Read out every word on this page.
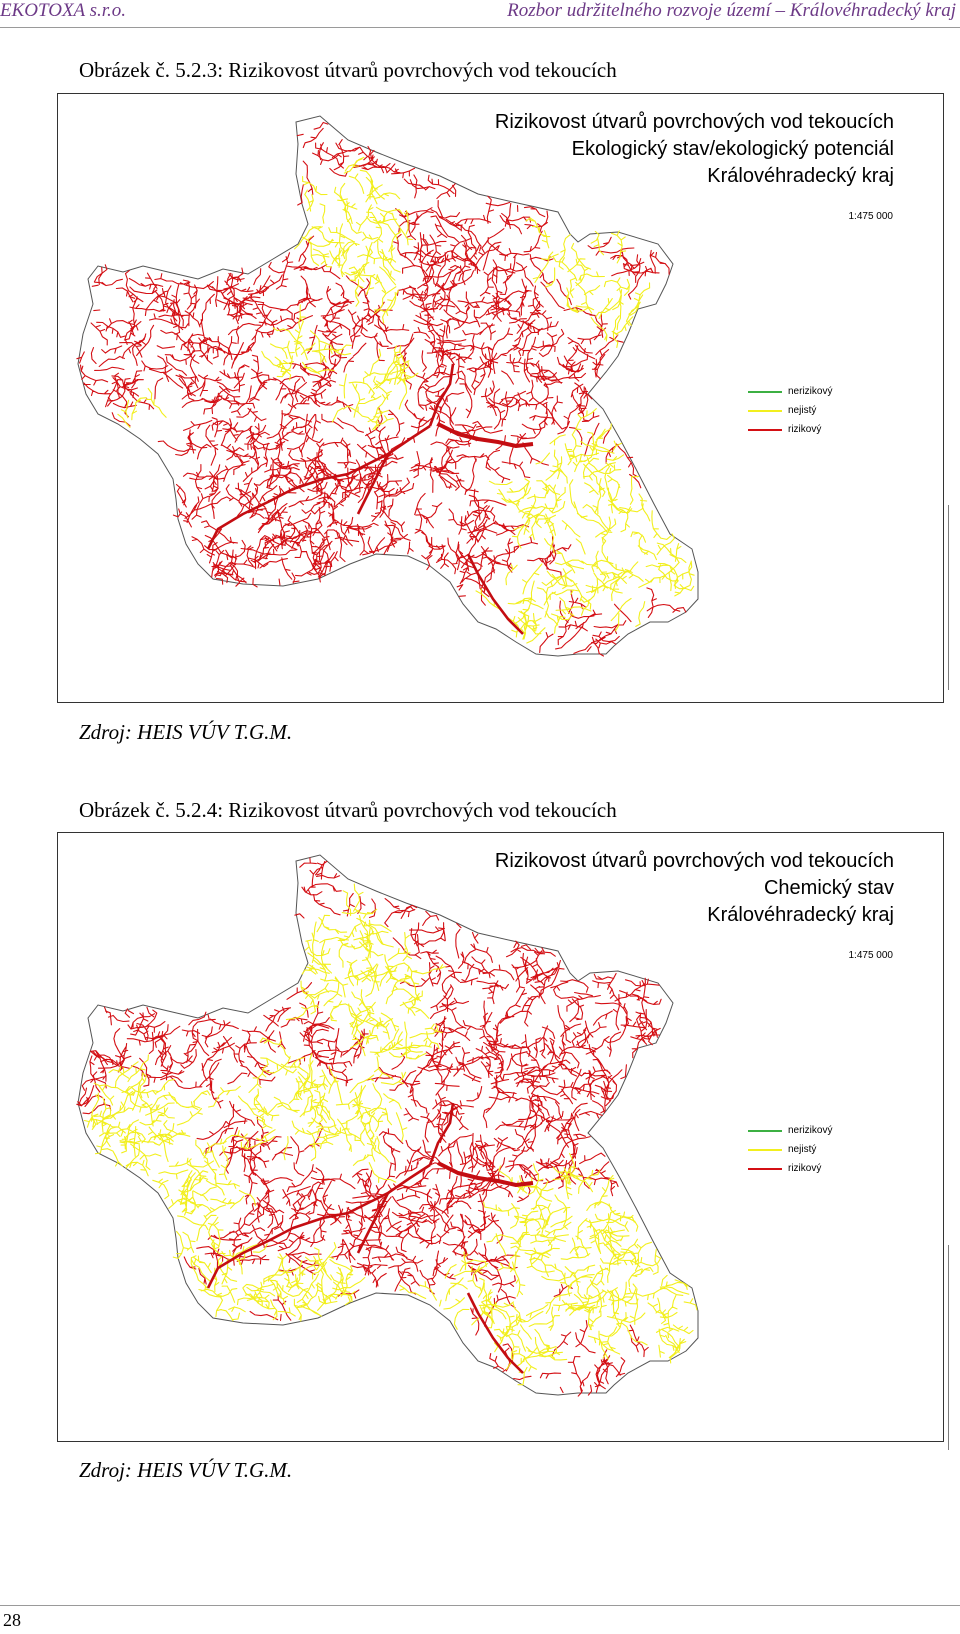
EKOTOXA s.r.o.	Rozbor udržitelného rozvoje území – Královéhradecký kraj
Obrázek č. 5.2.3: Rizikovost útvarů povrchových vod tekoucích
Rizikovost útvarů povrchových vod tekoucích
Ekologický stav/ekologický potenciál
Královéhradecký kraj
1:475 000
nerizikový
nejistý
rizikový
Zdroj: HEIS VÚV T.G.M.
Obrázek č. 5.2.4: Rizikovost útvarů povrchových vod tekoucích
Rizikovost útvarů povrchových vod tekoucích
Chemický stav
Královéhradecký kraj
1:475 000
nerizikový
nejistý
rizikový
Zdroj: HEIS VÚV T.G.M.
28
